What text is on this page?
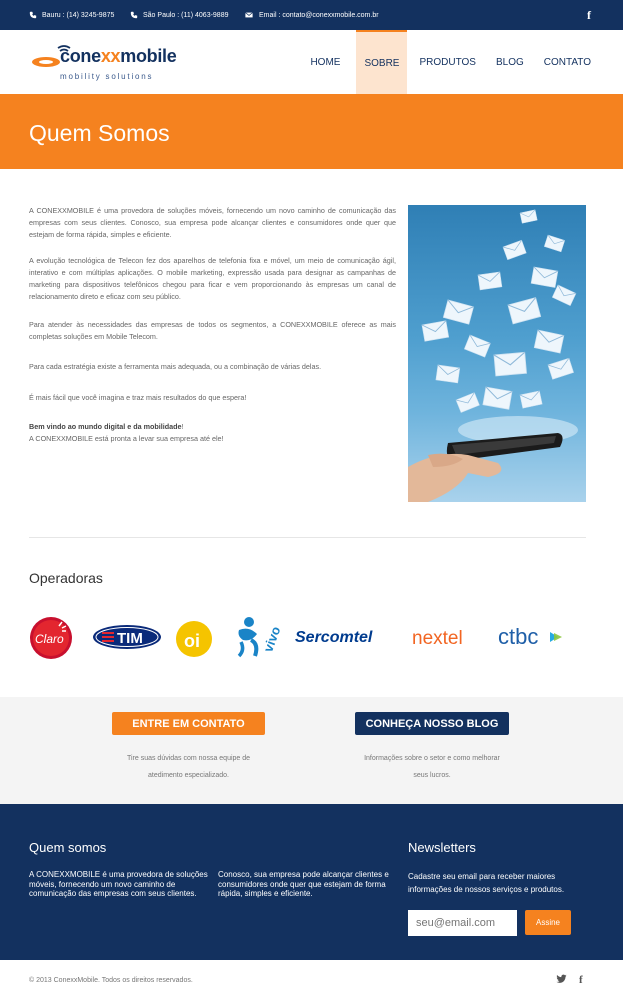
Bauru : (14) 3245-9875	São Paulo : (11) 4063-9889	Email : contato@conexxmobile.com.br	f
conexxmobile
mobility solutions
HOME	SOBRE	PRODUTOS	BLOG	CONTATO
Quem Somos

A CONEXXMOBILE é uma provedora de soluções móveis, fornecendo um novo caminho de comunicação das empresas com seus clientes. Conosco, sua empresa pode alcançar clientes e consumidores onde quer que estejam de forma rápida, simples e eficiente.

A evolução tecnológica de Telecon fez dos aparelhos de telefonia fixa e móvel, um meio de comunicação ágil, interativo e com múltiplas aplicações. O mobile marketing, expressão usada para designar as campanhas de marketing para dispositivos telefônicos chegou para ficar e vem proporcionando às empresas um canal de relacionamento direto e eficaz com seu público.

Para atender às necessidades das empresas de todos os segmentos, a CONEXXMOBILE oferece as mais completas soluções em Mobile Telecom.

Para cada estratégia existe a ferramenta mais adequada, ou a combinação de várias delas.

É mais fácil que você imagina e traz mais resultados do que espera!

Bem vindo ao mundo digital e da mobilidade!
A CONEXXMOBILE está pronta a levar sua empresa até ele!
Operadoras
Claro	TIM oi	vivo Sercomtel nextel ctbc
ENTRE EM CONTATO
Tire suas dúvidas com nossa equipe de
atedimento especializado.
CONHEÇA NOSSO BLOG
Informações sobre o setor e como melhorar
seus lucros.
Quem somos
A CONEXXMOBILE é uma provedora de soluções móveis, fornecendo um novo caminho de comunicação das empresas com seus clientes.
Conosco, sua empresa pode alcançar clientes e consumidores onde quer que estejam de forma rápida, simples e eficiente.
Newsletters
Cadastre seu email para receber maiores informações de nossos serviços e produtos.
seu@email.com
Assine
© 2013 ConexxMobile. Todos os direitos reservados.	f
